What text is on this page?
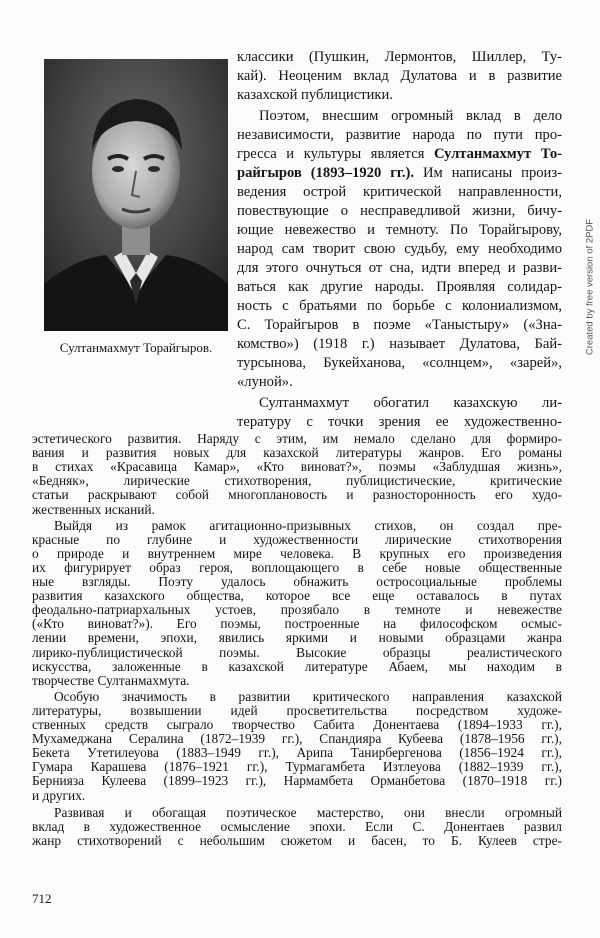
Султанмахмут Торайгыров.	Created by free version of 2PDF
классики (Пушкин, Лермонтов, Шиллер, Ту-
кай). Неоценим вклад Дулатова и в развитие
казахской публицистики.
Поэтом, внесшим огромный вклад в дело
независимости, развитие народа по пути про-
гресса и культуры является Султанмахмут То-
райгыров (1893–1920 гг.). Им написаны произ-
ведения острой критической направленности,
повествующие о несправедливой жизни, бичу-
ющие невежество и темноту. По Торайгырову,
народ сам творит свою судьбу, ему необходимо
для этого очнуться от сна, идти вперед и разви-
ваться как другие народы. Проявляя солидар-
ность с братьями по борьбе с колониализмом,
С. Торайгыров в поэме «Таныстыру» («Зна-
комство») (1918 г.) называет Дулатова, Бай-
турсынова, Букейханова, «солнцем», «зарей»,
«луной».
Султанмахмут обогатил казахскую ли-
тературу с точки зрения ее художественно-
эстетического развития. Наряду с этим, им немало сделано для формиро-
вания и развития новых для казахской литературы жанров. Его романы
в стихах «Красавица Камар», «Кто виноват?», поэмы «Заблудшая жизнь»,
«Бедняк», лирические стихотворения, публицистические, критические
статьи раскрывают собой многоплановость и разносторонность его худо-
жественных исканий.
Выйдя из рамок агитационно-призывных стихов, он создал пре-
красные по глубине и художественности лирические стихотворения
о природе и внутреннем мире человека. В крупных его произведения
их фигурирует образ героя, воплощающего в себе новые общественные
ные взгляды. Поэту удалось обнажить остросоциальные проблемы
развития казахского общества, которое все еще оставалось в путах
феодально-патриархальных устоев, прозябало в темноте и невежестве
(«Кто виноват?»). Его поэмы, построенные на философском осмыс-
лении времени, эпохи, явились яркими и новыми образцами жанра
лирико-публицистической поэмы. Высокие образцы реалистического
искусства, заложенные в казахской литературе Абаем, мы находим в
творчестве Султанмахмута.
Особую значимость в развитии критического направления казахской
литературы, возвышении идей просветительства посредством художе-
ственных средств сыграло творчество Сабита Донентаева (1894–1933 гг.),
Мухамеджана Сералина (1872–1939 гг.), Спандияра Кубеева (1878–1956 гг.),
Бекета Утетилеуова (1883–1949 гг.), Арипа Танирбергенова (1856–1924 гг.),
Гумара Карашева (1876–1921 гг.), Турмагамбета Изтлеуова (1882–1939 гг.),
Бернияза Кулеева (1899–1923 гг.), Нармамбета Орманбетова (1870–1918 гг.)
и других.
Развивая и обогащая поэтическое мастерство, они внесли огромный
вклад в художественное осмысление эпохи. Если С. Донентаев развил
жанр стихотворений с небольшим сюжетом и басен, то Б. Кулеев стре-
712
